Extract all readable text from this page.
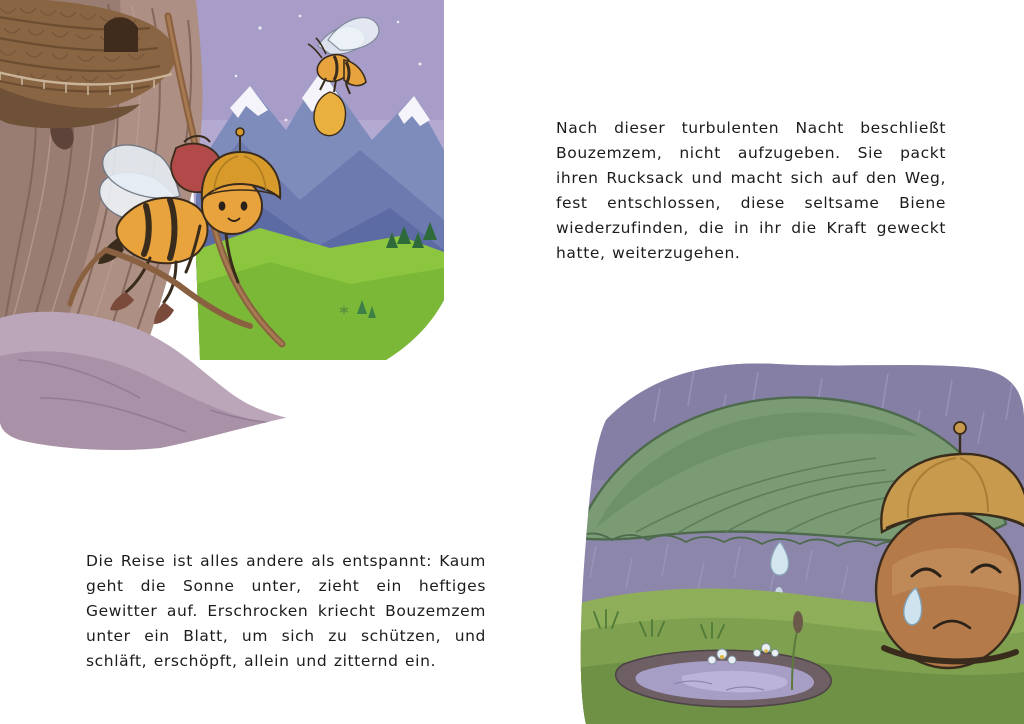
Nach dieser turbulenten Nacht beschließt Bouzemzem, nicht aufzugeben. Sie packt ihren Rucksack und macht sich auf den Weg, fest entschlossen, diese seltsame Biene wiederzufinden, die in ihr die Kraft geweckt hatte, weiterzugehen.

Die Reise ist alles andere als entspannt: Kaum geht die Sonne unter, zieht ein heftiges Gewitter auf. Erschrocken kriecht Bouzemzem unter ein Blatt, um sich zu schützen, und schläft, erschöpft, allein und zitternd ein.
